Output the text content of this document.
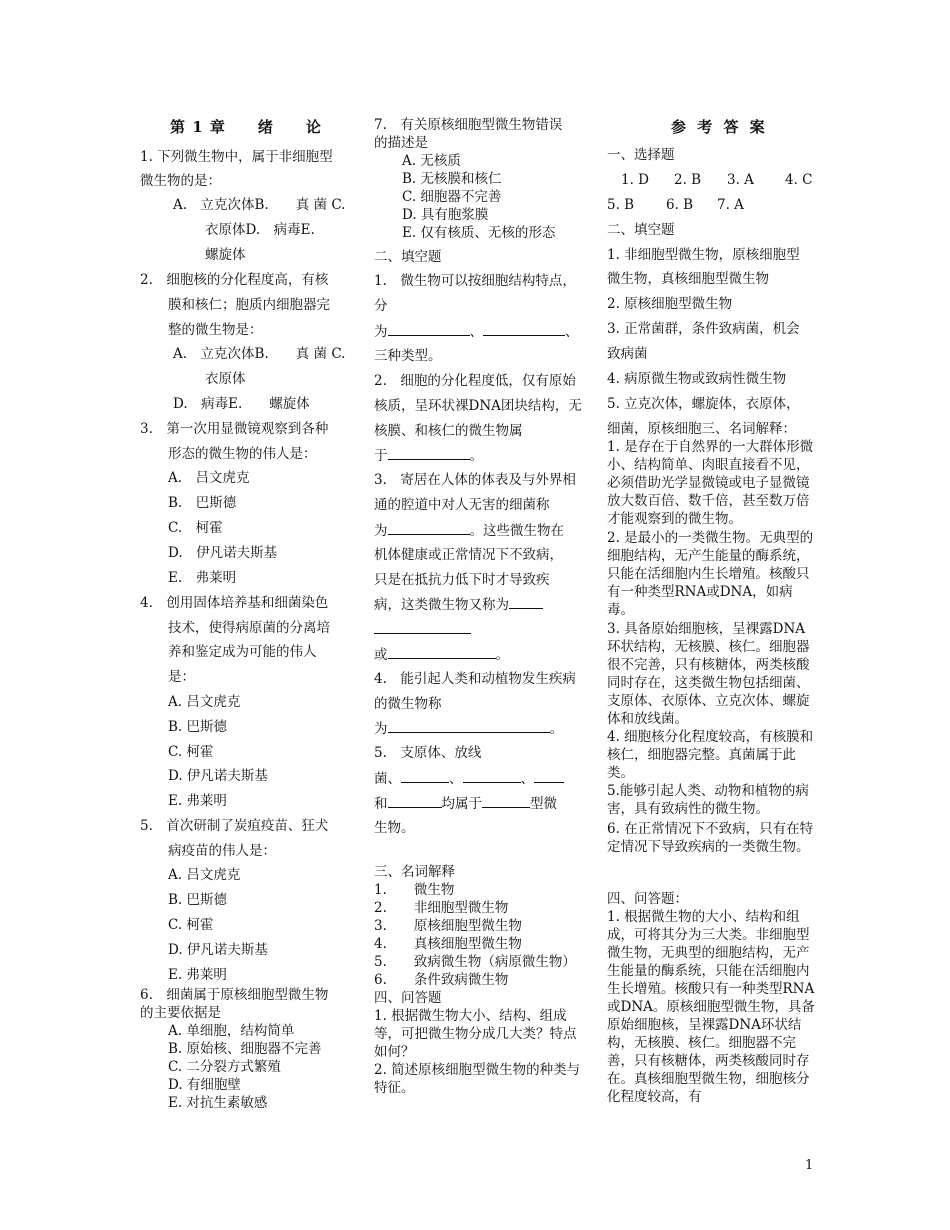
第 1 章　　绪　　论
1. 下列微生物中，属于非细胞型
微生物的是：
A.　立克次体B.　　真 菌 C.
衣原体D.　病毒E.
螺旋体
2.　细胞核的分化程度高，有核
膜和核仁；胞质内细胞器完
整的微生物是：
A.　立克次体B.　　真 菌 C.
衣原体
D.　病毒E.　　螺旋体
3.　第一次用显微镜观察到各种
形态的微生物的伟人是：
A.　吕文虎克
B.　巴斯德
C.　柯霍
D.　伊凡诺夫斯基
E.　弗莱明
4.　创用固体培养基和细菌染色
技术，使得病原菌的分离培
养和鉴定成为可能的伟人
是：
A. 吕文虎克
B. 巴斯德
C. 柯霍
D. 伊凡诺夫斯基
E. 弗莱明
5.　首次研制了炭疽疫苗、狂犬
病疫苗的伟人是：
A. 吕文虎克
B. 巴斯德
C. 柯霍
D. 伊凡诺夫斯基
E. 弗莱明
6.　细菌属于原核细胞型微生物
的主要依据是
A. 单细胞，结构简单
B. 原始核、细胞器不完善
C. 二分裂方式繁殖
D. 有细胞壁
E. 对抗生素敏感
7.　有关原核细胞型微生物错误
的描述是
A. 无核质
B. 无核膜和核仁
C. 细胞器不完善
D. 具有胞浆膜
E. 仅有核质、无核的形态
二、填空题
1.　微生物可以按细胞结构特点，
分
为	、	、
三种类型。
2.　细胞的分化程度低，仅有原始
核质，呈环状裸DNA团块结构，无
核膜、和核仁的微生物属
于	。
3.　寄居在人体的体表及与外界相
通的腔道中对人无害的细菌称
为	。这些微生物在
机体健康或正常情况下不致病，
只是在抵抗力低下时才导致疾
病，这类微生物又称为
或	。
4.　能引起人类和动植物发生疾病
的微生物称
为	。
5.　支原体、放线
菌、	、	、
和	均属于	型微
生物。
三、名词解释
1.　　微生物
2.　　非细胞型微生物
3.　　原核细胞型微生物
4.　　真核细胞型微生物
5.　　致病微生物（病原微生物）
6.　　条件致病微生物
四、问答题
1. 根据微生物大小、结构、组成等，可把微生物分成几大类？特点如何？
2. 简述原核细胞型微生物的种类与特征。
参 考 答 案
一、选择题
1. D 2. B 3. A 4. C
5. B 6. B 7. A
二、填空题
1. 非细胞型微生物，原核细胞型
微生物，真核细胞型微生物
2. 原核细胞型微生物
3. 正常菌群，条件致病菌，机会
致病菌
4. 病原微生物或致病性微生物
5. 立克次体，螺旋体，衣原体，
细菌，原核细胞三、名词解释：
1. 是存在于自然界的一大群体形微小、结构简单、肉眼直接看不见，必须借助光学显微镜或电子显微镜放大数百倍、数千倍，甚至数万倍才能观察到的微生物。
2. 是最小的一类微生物。无典型的细胞结构，无产生能量的酶系统，只能在活细胞内生长增殖。核酸只有一种类型RNA或DNA，如病毒。
3. 具备原始细胞核，呈裸露DNA环状结构，无核膜、核仁。细胞器很不完善，只有核糖体，两类核酸同时存在，这类微生物包括细菌、支原体、衣原体、立克次体、螺旋体和放线菌。
4. 细胞核分化程度较高，有核膜和核仁，细胞器完整。真菌属于此类。
5.能够引起人类、动物和植物的病害，具有致病性的微生物。
6. 在正常情况下不致病，只有在特定情况下导致疾病的一类微生物。
四、问答题：
1. 根据微生物的大小、结构和组成，可将其分为三大类。非细胞型微生物，无典型的细胞结构，无产生能量的酶系统，只能在活细胞内生长增殖。核酸只有一种类型RNA或DNA。原核细胞型微生物，具备原始细胞核，呈裸露DNA环状结构，无核膜、核仁。细胞器不完善，只有核糖体，两类核酸同时存在。真核细胞型微生物，细胞核分化程度较高，有
1
